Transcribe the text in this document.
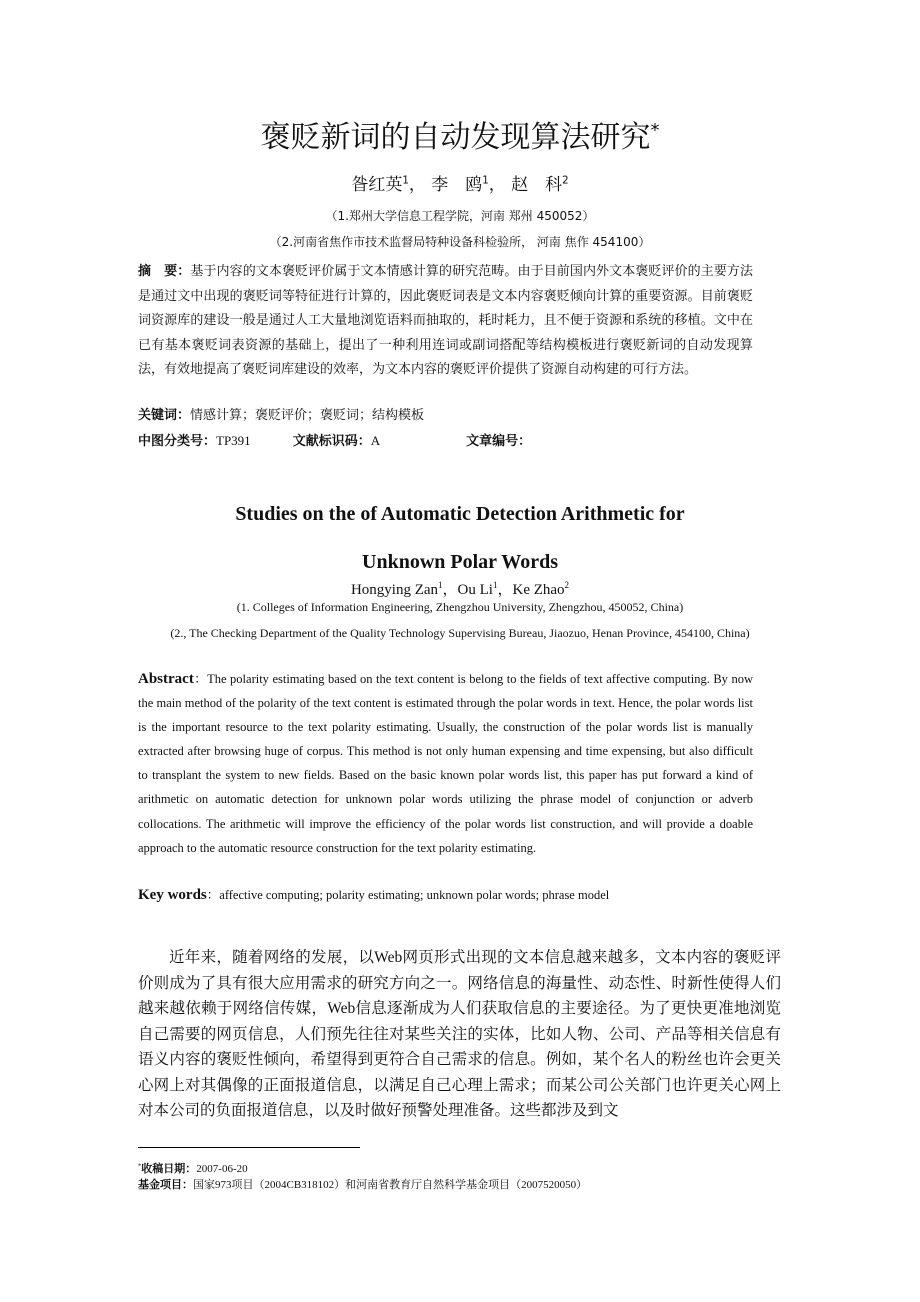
褒贬新词的自动发现算法研究*
昝红英$^1$， 李　鸥$^1$， 赵　科$^2$
（1.郑州大学信息工程学院，河南 郑州 450052）
（2.河南省焦作市技术监督局特种设备科检验所， 河南 焦作 454100）
摘　要：基于内容的文本褒贬评价属于文本情感计算的研究范畴。由于目前国内外文本褒贬评价的主要方法是通过文中出现的褒贬词等特征进行计算的，因此褒贬词表是文本内容褒贬倾向计算的重要资源。目前褒贬词资源库的建设一般是通过人工大量地浏览语料而抽取的，耗时耗力，且不便于资源和系统的移植。文中在已有基本褒贬词表资源的基础上，提出了一种利用连词或副词搭配等结构模板进行褒贬新词的自动发现算法，有效地提高了褒贬词库建设的效率，为文本内容的褒贬评价提供了资源自动构建的可行方法。
关键词：情感计算；褒贬评价；褒贬词；结构模板
中图分类号：TP391	文献标识码：A	文章编号：
Studies on the of Automatic Detection Arithmetic for
Unknown Polar Words
Hongying Zan$^1$，Ou Li$^1$，Ke Zhao$^2$
(1. Colleges of Information Engineering, Zhengzhou University, Zhengzhou, 450052, China)
(2., The Checking Department of the Quality Technology Supervising Bureau, Jiaozuo, Henan Province, 454100, China)
Abstract：The polarity estimating based on the text content is belong to the fields of text affective computing. By now the main method of the polarity of the text content is estimated through the polar words in text. Hence, the polar words list is the important resource to the text polarity estimating. Usually, the construction of the polar words list is manually extracted after browsing huge of corpus. This method is not only human expensing and time expensing, but also difficult to transplant the system to new fields. Based on the basic known polar words list, this paper has put forward a kind of arithmetic on automatic detection for unknown polar words utilizing the phrase model of conjunction or adverb collocations. The arithmetic will improve the efficiency of the polar words list construction, and will provide a doable approach to the automatic resource construction for the text polarity estimating.
Key words：affective computing; polarity estimating; unknown polar words; phrase model
近年来，随着网络的发展，以Web网页形式出现的文本信息越来越多，文本内容的褒贬评价则成为了具有很大应用需求的研究方向之一。网络信息的海量性、动态性、时新性使得人们越来越依赖于网络信传媒，Web信息逐渐成为人们获取信息的主要途径。为了更快更准地浏览自己需要的网页信息，人们预先往往对某些关注的实体，比如人物、公司、产品等相关信息有语义内容的褒贬性倾向，希望得到更符合自己需求的信息。例如，某个名人的粉丝也许会更关心网上对其偶像的正面报道信息，以满足自己心理上需求；而某公司公关部门也许更关心网上对本公司的负面报道信息，以及时做好预警处理准备。这些都涉及到文
*收稿日期：2007-06-20
基金项目：国家973项目（2004CB318102）和河南省教育厅自然科学基金项目（2007520050）
